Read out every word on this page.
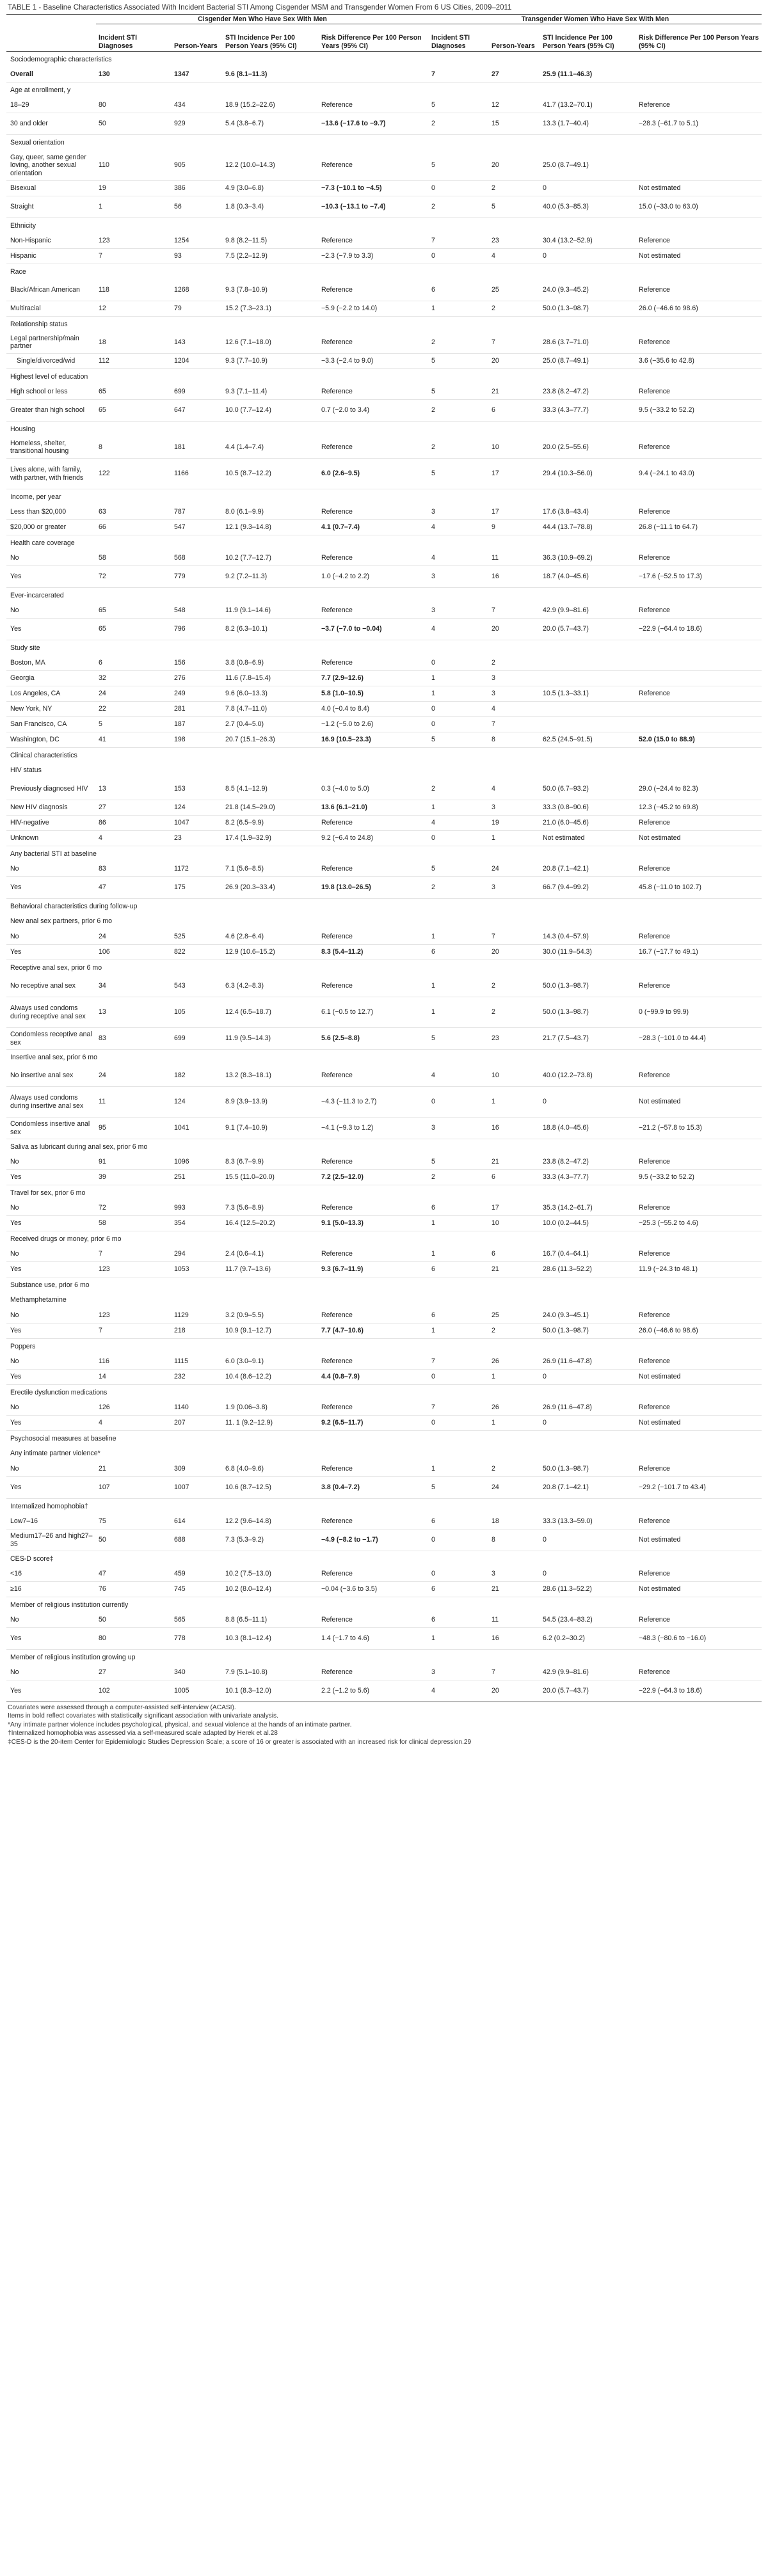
TABLE 1 - Baseline Characteristics Associated With Incident Bacterial STI Among Cisgender MSM and Transgender Women From 6 US Cities, 2009–2011
	Cisgender Men Who Have Sex With Men				Transgender Women Who Have Sex With Men			
	Incident STI Diagnoses	Person-Years	STI Incidence Per 100 Person Years (95% CI)	Risk Difference Per 100 Person Years (95% CI)	Incident STI Diagnoses	Person-Years	STI Incidence Per 100 Person Years (95% CI)	Risk Difference Per 100 Person Years (95% CI)
Sociodemographic characteristics								
Overall	130	1347	9.6 (8.1–11.3)		7	27	25.9 (11.1–46.3)	
Age at enrollment, y								
18–29	80	434	18.9 (15.2–22.6)	Reference	5	12	41.7 (13.2–70.1)	Reference
30 and older	50	929	5.4 (3.8–6.7)	−13.6 (−17.6 to −9.7)	2	15	13.3 (1.7–40.4)	−28.3 (−61.7 to 5.1)
Sexual orientation								
Gay, queer, same gender loving, another sexual orientation	110	905	12.2 (10.0–14.3)	Reference	5	20	25.0 (8.7–49.1)	
Bisexual	19	386	4.9 (3.0–6.8)	−7.3 (−10.1 to −4.5)	0	2	0	Not estimated
Straight	1	56	1.8 (0.3–3.4)	−10.3 (−13.1 to −7.4)	2	5	40.0 (5.3–85.3)	15.0 (−33.0 to 63.0)
Ethnicity								
Non-Hispanic	123	1254	9.8 (8.2–11.5)	Reference	7	23	30.4 (13.2–52.9)	Reference
Hispanic	7	93	7.5 (2.2–12.9)	−2.3 (−7.9 to 3.3)	0	4	0	Not estimated
Race								
Black/African American	118	1268	9.3 (7.8–10.9)	Reference	6	25	24.0 (9.3–45.2)	Reference
Multiracial	12	79	15.2 (7.3–23.1)	−5.9 (−2.2 to 14.0)	1	2	50.0 (1.3–98.7)	26.0 (−46.6 to 98.6)
Relationship status								
Legal partnership/main partner	18	143	12.6 (7.1–18.0)	Reference	2	7	28.6 (3.7–71.0)	Reference
Single/divorced/wid	112	1204	9.3 (7.7–10.9)	−3.3 (−2.4 to 9.0)	5	20	25.0 (8.7–49.1)	3.6 (−35.6 to 42.8)
Highest level of education								
High school or less	65	699	9.3 (7.1–11.4)	Reference	5	21	23.8 (8.2–47.2)	Reference
Greater than high school	65	647	10.0 (7.7–12.4)	0.7 (−2.0 to 3.4)	2	6	33.3 (4.3–77.7)	9.5 (−33.2 to 52.2)
Housing								
Homeless, shelter, transitional housing	8	181	4.4 (1.4–7.4)	Reference	2	10	20.0 (2.5–55.6)	Reference
Lives alone, with family, with partner, with friends	122	1166	10.5 (8.7–12.2)	6.0 (2.6–9.5)	5	17	29.4 (10.3–56.0)	9.4 (−24.1 to 43.0)
Income, per year								
Less than $20,000	63	787	8.0 (6.1–9.9)	Reference	3	17	17.6 (3.8–43.4)	Reference
$20,000 or greater	66	547	12.1 (9.3–14.8)	4.1 (0.7–7.4)	4	9	44.4 (13.7–78.8)	26.8 (−11.1 to 64.7)
Health care coverage								
No	58	568	10.2 (7.7–12.7)	Reference	4	11	36.3 (10.9–69.2)	Reference
Yes	72	779	9.2 (7.2–11.3)	1.0 (−4.2 to 2.2)	3	16	18.7 (4.0–45.6)	−17.6 (−52.5 to 17.3)
Ever-incarcerated								
No	65	548	11.9 (9.1–14.6)	Reference	3	7	42.9 (9.9–81.6)	Reference
Yes	65	796	8.2 (6.3–10.1)	−3.7 (−7.0 to −0.04)	4	20	20.0 (5.7–43.7)	−22.9 (−64.4 to 18.6)
Study site								
Boston, MA	6	156	3.8 (0.8–6.9)	Reference	0	2		
Georgia	32	276	11.6 (7.8–15.4)	7.7 (2.9–12.6)	1	3		
Los Angeles, CA	24	249	9.6 (6.0–13.3)	5.8 (1.0–10.5)	1	3	10.5 (1.3–33.1)	Reference
New York, NY	22	281	7.8 (4.7–11.0)	4.0 (−0.4 to 8.4)	0	4		
San Francisco, CA	5	187	2.7 (0.4–5.0)	−1.2 (−5.0 to 2.6)	0	7		
Washington, DC	41	198	20.7 (15.1–26.3)	16.9 (10.5–23.3)	5	8	62.5 (24.5–91.5)	52.0 (15.0 to 88.9)
Clinical characteristics								
HIV status								
Previously diagnosed HIV	13	153	8.5 (4.1–12.9)	0.3 (−4.0 to 5.0)	2	4	50.0 (6.7–93.2)	29.0 (−24.4 to 82.3)
New HIV diagnosis	27	124	21.8 (14.5–29.0)	13.6 (6.1–21.0)	1	3	33.3 (0.8–90.6)	12.3 (−45.2 to 69.8)
HIV-negative	86	1047	8.2 (6.5–9.9)	Reference	4	19	21.0 (6.0–45.6)	Reference
Unknown	4	23	17.4 (1.9–32.9)	9.2 (−6.4 to 24.8)	0	1	Not estimated	Not estimated
Any bacterial STI at baseline								
No	83	1172	7.1 (5.6–8.5)	Reference	5	24	20.8 (7.1–42.1)	Reference
Yes	47	175	26.9 (20.3–33.4)	19.8 (13.0–26.5)	2	3	66.7 (9.4–99.2)	45.8 (−11.0 to 102.7)
Behavioral characteristics during follow-up								
New anal sex partners, prior 6 mo								
No	24	525	4.6 (2.8–6.4)	Reference	1	7	14.3 (0.4–57.9)	Reference
Yes	106	822	12.9 (10.6–15.2)	8.3 (5.4–11.2)	6	20	30.0 (11.9–54.3)	16.7 (−17.7 to 49.1)
Receptive anal sex, prior 6 mo								
No receptive anal sex	34	543	6.3 (4.2–8.3)	Reference	1	2	50.0 (1.3–98.7)	Reference
Always used condoms during receptive anal sex	13	105	12.4 (6.5–18.7)	6.1 (−0.5 to 12.7)	1	2	50.0 (1.3–98.7)	0 (−99.9 to 99.9)
Condomless receptive anal sex	83	699	11.9 (9.5–14.3)	5.6 (2.5–8.8)	5	23	21.7 (7.5–43.7)	−28.3 (−101.0 to 44.4)
Insertive anal sex, prior 6 mo								
No insertive anal sex	24	182	13.2 (8.3–18.1)	Reference	4	10	40.0 (12.2–73.8)	Reference
Always used condoms during insertive anal sex	11	124	8.9 (3.9–13.9)	−4.3 (−11.3 to 2.7)	0	1	0	Not estimated
Condomless insertive anal sex	95	1041	9.1 (7.4–10.9)	−4.1 (−9.3 to 1.2)	3	16	18.8 (4.0–45.6)	−21.2 (−57.8 to 15.3)
Saliva as lubricant during anal sex, prior 6 mo								
No	91	1096	8.3 (6.7–9.9)	Reference	5	21	23.8 (8.2–47.2)	Reference
Yes	39	251	15.5 (11.0–20.0)	7.2 (2.5–12.0)	2	6	33.3 (4.3–77.7)	9.5 (−33.2 to 52.2)
Travel for sex, prior 6 mo								
No	72	993	7.3 (5.6–8.9)	Reference	6	17	35.3 (14.2–61.7)	Reference
Yes	58	354	16.4 (12.5–20.2)	9.1 (5.0–13.3)	1	10	10.0 (0.2–44.5)	−25.3 (−55.2 to 4.6)
Received drugs or money, prior 6 mo								
No	7	294	2.4 (0.6–4.1)	Reference	1	6	16.7 (0.4–64.1)	Reference
Yes	123	1053	11.7 (9.7–13.6)	9.3 (6.7–11.9)	6	21	28.6 (11.3–52.2)	11.9 (−24.3 to 48.1)
Substance use, prior 6 mo								
Methamphetamine								
No	123	1129	3.2 (0.9–5.5)	Reference	6	25	24.0 (9.3–45.1)	Reference
Yes	7	218	10.9 (9.1–12.7)	7.7 (4.7–10.6)	1	2	50.0 (1.3–98.7)	26.0 (−46.6 to 98.6)
Poppers								
No	116	1115	6.0 (3.0–9.1)	Reference	7	26	26.9 (11.6–47.8)	Reference
Yes	14	232	10.4 (8.6–12.2)	4.4 (0.8–7.9)	0	1	0	Not estimated
Erectile dysfunction medications								
No	126	1140	1.9 (0.06–3.8)	Reference	7	26	26.9 (11.6–47.8)	Reference
Yes	4	207	11. 1 (9.2–12.9)	9.2 (6.5–11.7)	0	1	0	Not estimated
Psychosocial measures at baseline								
Any intimate partner violence*								
No	21	309	6.8 (4.0–9.6)	Reference	1	2	50.0 (1.3–98.7)	Reference
Yes	107	1007	10.6 (8.7–12.5)	3.8 (0.4–7.2)	5	24	20.8 (7.1–42.1)	−29.2 (−101.7 to 43.4)
Internalized homophobia†								
Low7–16	75	614	12.2 (9.6–14.8)	Reference	6	18	33.3 (13.3–59.0)	Reference
Medium17–26 and high27–35	50	688	7.3 (5.3–9.2)	−4.9 (−8.2 to −1.7)	0	8	0	Not estimated
CES-D score‡								
<16	47	459	10.2 (7.5–13.0)	Reference	0	3	0	Reference
≥16	76	745	10.2 (8.0–12.4)	−0.04 (−3.6 to 3.5)	6	21	28.6 (11.3–52.2)	Not estimated
Member of religious institution currently								
No	50	565	8.8 (6.5–11.1)	Reference	6	11	54.5 (23.4–83.2)	Reference
Yes	80	778	10.3 (8.1–12.4)	1.4 (−1.7 to 4.6)	1	16	6.2 (0.2–30.2)	−48.3 (−80.6 to −16.0)
Member of religious institution growing up								
No	27	340	7.9 (5.1–10.8)	Reference	3	7	42.9 (9.9–81.6)	Reference
Yes	102	1005	10.1 (8.3–12.0)	2.2 (−1.2 to 5.6)	4	20	20.0 (5.7–43.7)	−22.9 (−64.3 to 18.6)

Covariates were assessed through a computer-assisted self-interview (ACASI).

Items in bold reflect covariates with statistically significant association with univariate analysis.

*Any intimate partner violence includes psychological, physical, and sexual violence at the hands of an intimate partner.

†Internalized homophobia was assessed via a self-measured scale adapted by Herek et al.28

‡CES-D is the 20-item Center for Epidemiologic Studies Depression Scale; a score of 16 or greater is associated with an increased risk for clinical depression.29
